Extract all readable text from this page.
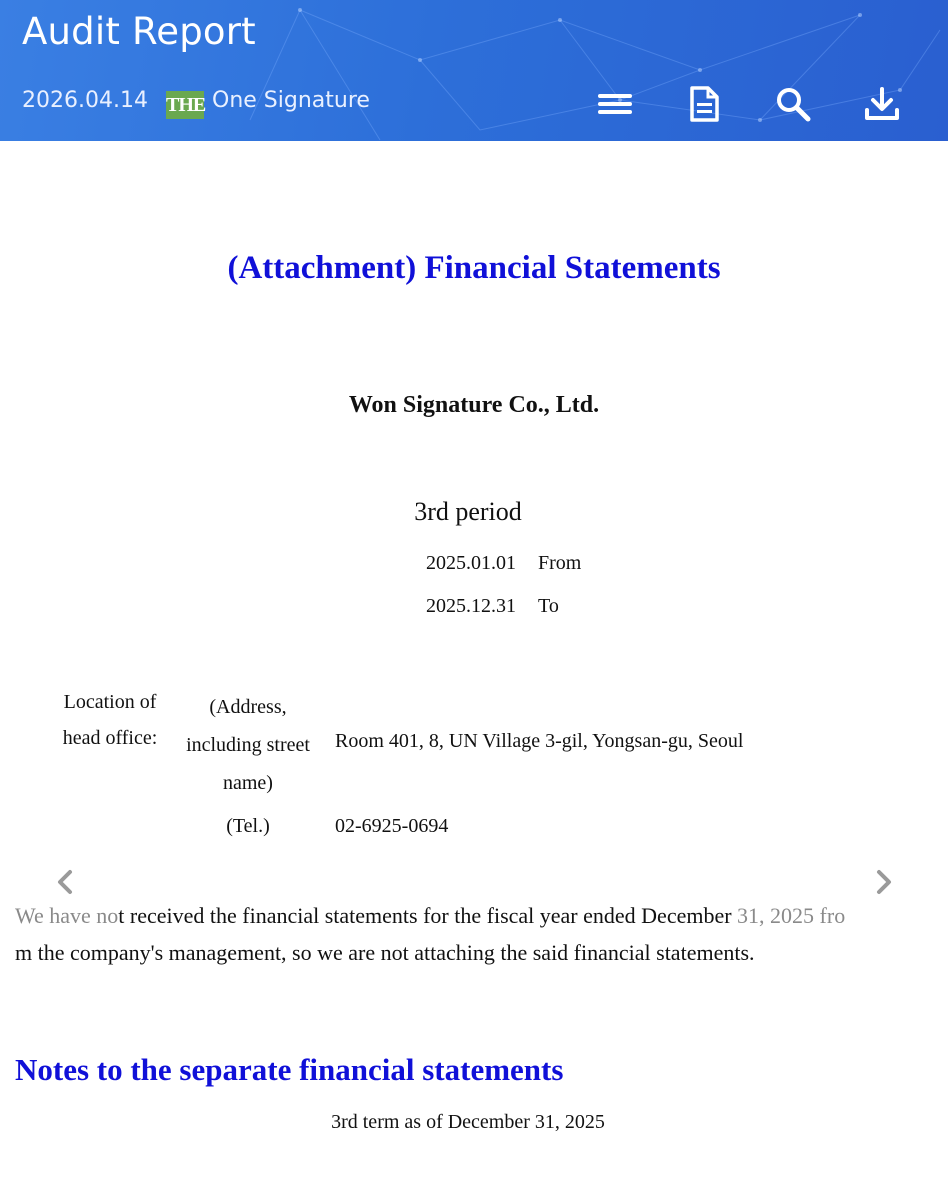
Audit Report
2026.04.14 THE One Signature
(Attachment) Financial Statements
Won Signature Co., Ltd.
3rd period
2025.01.01 From
2025.12.31 To
Location of
head office:
(Address,
including street
name)
Room 401, 8, UN Village 3-gil, Yongsan-gu, Seoul
(Tel.)	02-6925-0694
We have not received the financial statements for the fiscal year ended December 31, 2025 fro
m the company's management, so we are not attaching the said financial statements.
Notes to the separate financial statements
3rd term as of December 31, 2025
